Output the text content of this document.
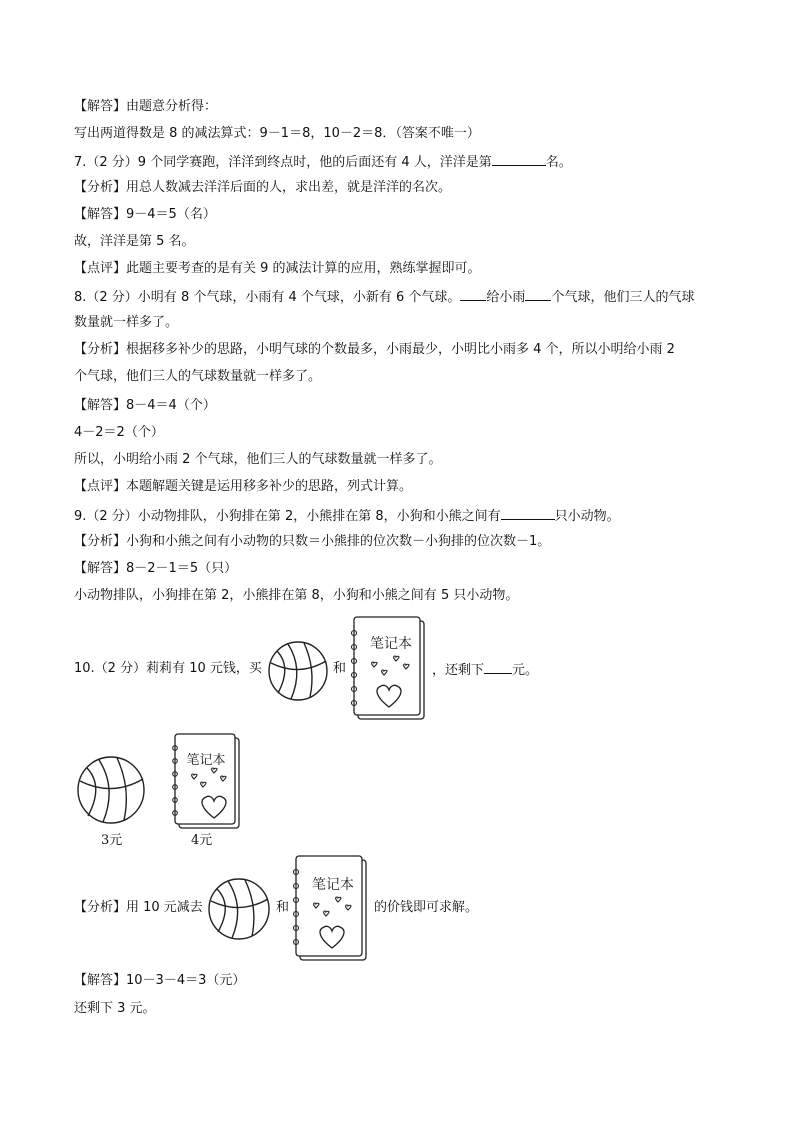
【解答】由题意分析得：
写出两道得数是 8 的减法算式：9－1＝8，10－2＝8．（答案不唯一）
7.（2 分）9 个同学赛跑，洋洋到终点时，他的后面还有 4 人，洋洋是第	名。
【分析】用总人数减去洋洋后面的人，求出差，就是洋洋的名次。
【解答】9－4＝5（名）
故，洋洋是第 5 名。
【点评】此题主要考查的是有关 9 的减法计算的应用，熟练掌握即可。
8.（2 分）小明有 8 个气球，小雨有 4 个气球，小新有 6 个气球。 给小雨 个气球，他们三人的气球
数量就一样多了。
【分析】根据移多补少的思路，小明气球的个数最多，小雨最少，小明比小雨多 4 个，所以小明给小雨 2
个气球，他们三人的气球数量就一样多了。
【解答】8－4＝4（个）
4－2＝2（个）
所以，小明给小雨 2 个气球，他们三人的气球数量就一样多了。
【点评】本题解题关键是运用移多补少的思路，列式计算。
9.（2 分）小动物排队，小狗排在第 2，小熊排在第 8，小狗和小熊之间有	只小动物。
【分析】小狗和小熊之间有小动物的只数＝小熊排的位次数－小狗排的位次数－1。
【解答】8－2－1＝5（只）
小动物排队，小狗排在第 2，小熊排在第 8，小狗和小熊之间有 5 只小动物。
10.（2 分）莉莉有 10 元钱，买	和
笔记本
，还剩下 元。
3元
笔记本
4元
【分析】用 10 元减去	和
笔记本
的价钱即可求解。
【解答】10－3－4＝3（元）
还剩下 3 元。
